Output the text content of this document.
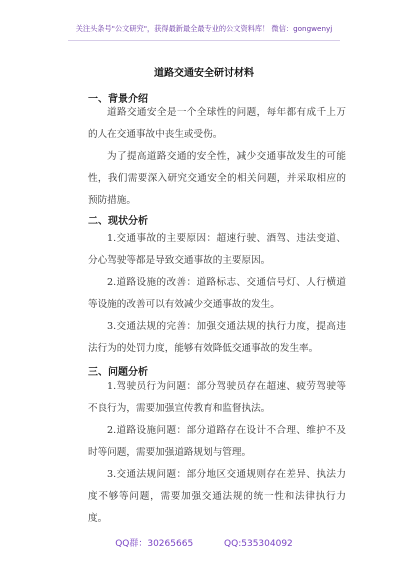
关注头条号"公文研究"，获得最新最全最专业的公文资料库！ 微信：gongwenyj
道路交通安全研讨材料
一、背景介绍

道路交通安全是一个全球性的问题，每年都有成千上万的人在交通事故中丧生或受伤。

为了提高道路交通的安全性，减少交通事故发生的可能性，我们需要深入研究交通安全的相关问题，并采取相应的预防措施。

二、现状分析

1.交通事故的主要原因：超速行驶、酒驾、违法变道、分心驾驶等都是导致交通事故的主要原因。

2.道路设施的改善：道路标志、交通信号灯、人行横道等设施的改善可以有效减少交通事故的发生。

3.交通法规的完善：加强交通法规的执行力度，提高违法行为的处罚力度，能够有效降低交通事故的发生率。

三、问题分析

1.驾驶员行为问题：部分驾驶员存在超速、疲劳驾驶等不良行为，需要加强宣传教育和监督执法。

2.道路设施问题：部分道路存在设计不合理、维护不及时等问题，需要加强道路规划与管理。

3.交通法规问题：部分地区交通规则存在差异、执法力度不够等问题，需要加强交通法规的统一性和法律执行力度。

QQ群：30265665	QQ:535304092
